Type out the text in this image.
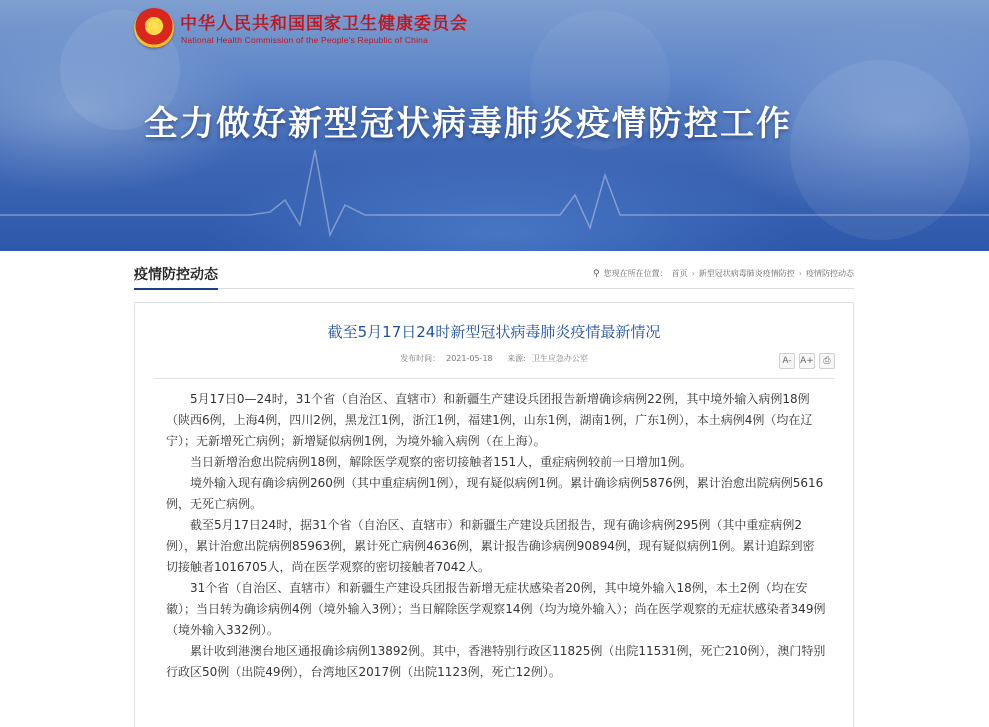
★ 中华人民共和国国家卫生健康委员会
National Health Commission of the People's Republic of China
全力做好新型冠状病毒肺炎疫情防控工作
疫情防控动态	⚲ 您现在所在位置： 首页 › 新型冠状病毒肺炎疫情防控 › 疫情防控动态
截至5月17日24时新型冠状病毒肺炎疫情最新情况
发布时间： 2021-05-18 来源: 卫生应急办公室	A- A+	⎙

5月17日0—24时，31个省（自治区、直辖市）和新疆生产建设兵团报告新增确诊病例22例，其中境外输入病例18例（陕西6例，上海4例，四川2例，黑龙江1例，浙江1例，福建1例，山东1例，湖南1例，广东1例），本土病例4例（均在辽宁）；无新增死亡病例；新增疑似病例1例，为境外输入病例（在上海）。

当日新增治愈出院病例18例，解除医学观察的密切接触者151人，重症病例较前一日增加1例。

境外输入现有确诊病例260例（其中重症病例1例），现有疑似病例1例。累计确诊病例5876例，累计治愈出院病例5616例，无死亡病例。

截至5月17日24时，据31个省（自治区、直辖市）和新疆生产建设兵团报告，现有确诊病例295例（其中重症病例2例），累计治愈出院病例85963例，累计死亡病例4636例，累计报告确诊病例90894例，现有疑似病例1例。累计追踪到密切接触者1016705人，尚在医学观察的密切接触者7042人。

31个省（自治区、直辖市）和新疆生产建设兵团报告新增无症状感染者20例，其中境外输入18例，本土2例（均在安徽）；当日转为确诊病例4例（境外输入3例）；当日解除医学观察14例（均为境外输入）；尚在医学观察的无症状感染者349例（境外输入332例）。

累计收到港澳台地区通报确诊病例13892例。其中，香港特别行政区11825例（出院11531例，死亡210例），澳门特别行政区50例（出院49例），台湾地区2017例（出院1123例，死亡12例）。
